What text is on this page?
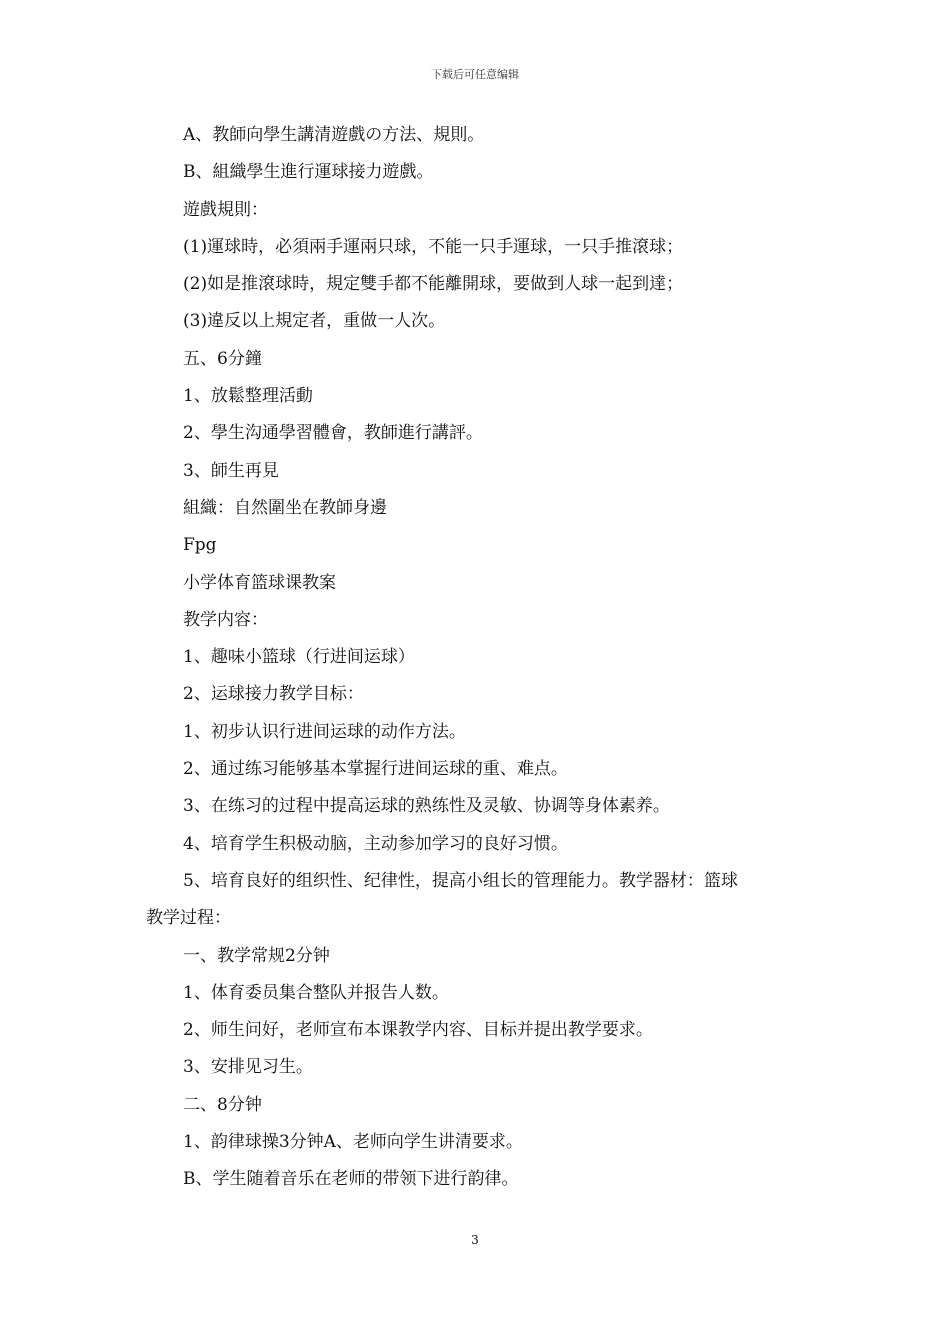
下载后可任意编辑
A、教師向學生講清遊戲の方法、規則。
B、組織學生進行運球接力遊戲。
遊戲規則：
(1)運球時，必須兩手運兩只球，不能一只手運球，一只手推滾球；
(2)如是推滾球時，規定雙手都不能離開球，要做到人球一起到達；
(3)違反以上規定者，重做一人次。
五、6分鐘
1、放鬆整理活動
2、學生沟通學習體會，教師進行講評。
3、師生再見
組織：自然圍坐在教師身邊
Fpg
小学体育篮球课教案
教学内容：
1、趣味小篮球（行进间运球）
2、运球接力教学目标：
1、初步认识行进间运球的动作方法。
2、通过练习能够基本掌握行进间运球的重、难点。
3、在练习的过程中提高运球的熟练性及灵敏、协调等身体素养。
4、培育学生积极动脑，主动参加学习的良好习惯。
5、培育良好的组织性、纪律性，提高小组长的管理能力。教学器材：篮球
教学过程：
一、教学常规2分钟
1、体育委员集合整队并报告人数。
2、师生问好，老师宣布本课教学内容、目标并提出教学要求。
3、安排见习生。
二、8分钟
1、韵律球操3分钟A、老师向学生讲清要求。
B、学生随着音乐在老师的带领下进行韵律。
3
